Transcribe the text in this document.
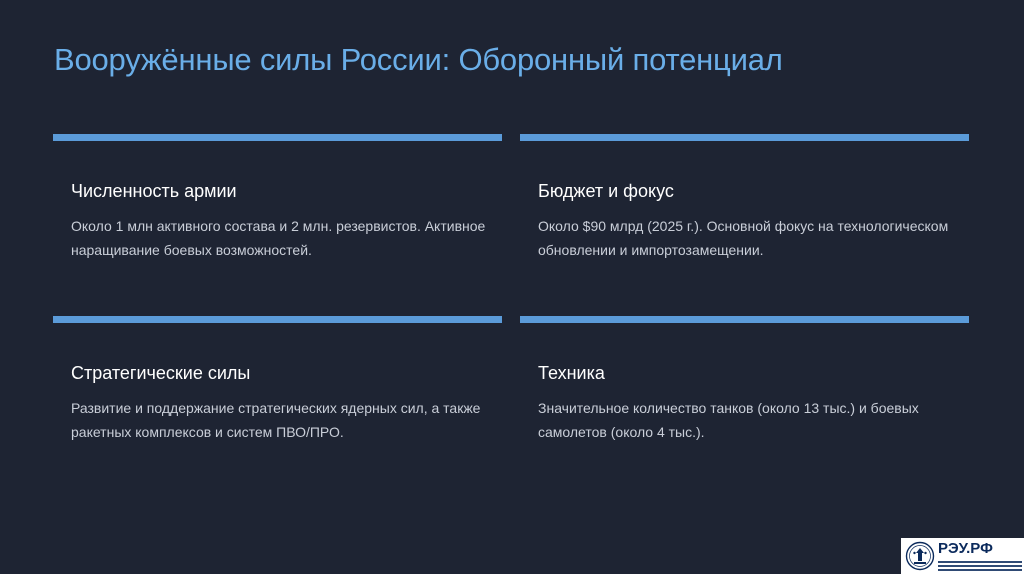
Вооружённые силы России: Оборонный потенциал
Численность армии

Около 1 млн активного состава и 2 млн. резервистов. Активное наращивание боевых возможностей.

Бюджет и фокус

Около $90 млрд (2025 г.). Основной фокус на технологическом обновлении и импортозамещении.

Стратегические силы

Развитие и поддержание стратегических ядерных сил, а также ракетных комплексов и систем ПВО/ПРО.

Техника

Значительное количество танков (около 13 тыс.) и боевых самолетов (около 4 тыс.).

РЭУ.РФ
